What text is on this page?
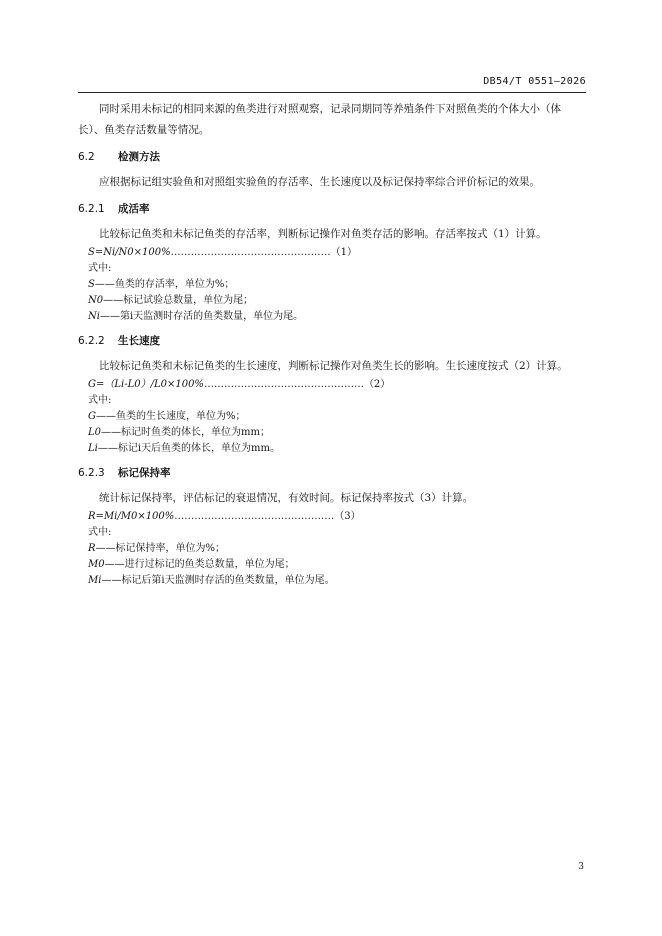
DB54/T 0551—2026

同时采用未标记的相同来源的鱼类进行对照观察，记录同期同等养殖条件下对照鱼类的个体大小（体长）、鱼类存活数量等情况。

6.2 检测方法

应根据标记组实验鱼和对照组实验鱼的存活率、生长速度以及标记保持率综合评价标记的效果。

6.2.1 成活率

比较标记鱼类和未标记鱼类的存活率，判断标记操作对鱼类存活的影响。存活率按式（1）计算。

S=Ni/N0×100%…………………………………………（1）
式中:
S——鱼类的存活率，单位为%；
N0——标记试验总数量，单位为尾；
Ni——第i天监测时存活的鱼类数量，单位为尾。
6.2.2 生长速度

比较标记鱼类和未标记鱼类的生长速度，判断标记操作对鱼类生长的影响。生长速度按式（2）计算。

G=（Li-L0）/L0×100%…………………………………………（2）
式中:
G——鱼类的生长速度，单位为%；
L0——标记时鱼类的体长，单位为mm；
Li——标记i天后鱼类的体长，单位为mm。
6.2.3 标记保持率

统计标记保持率，评估标记的衰退情况，有效时间。标记保持率按式（3）计算。

R=Mi/M0×100%…………………………………………（3）
式中:
R——标记保持率，单位为%；
M0——进行过标记的鱼类总数量，单位为尾；
Mi——标记后第i天监测时存活的鱼类数量，单位为尾。
3
